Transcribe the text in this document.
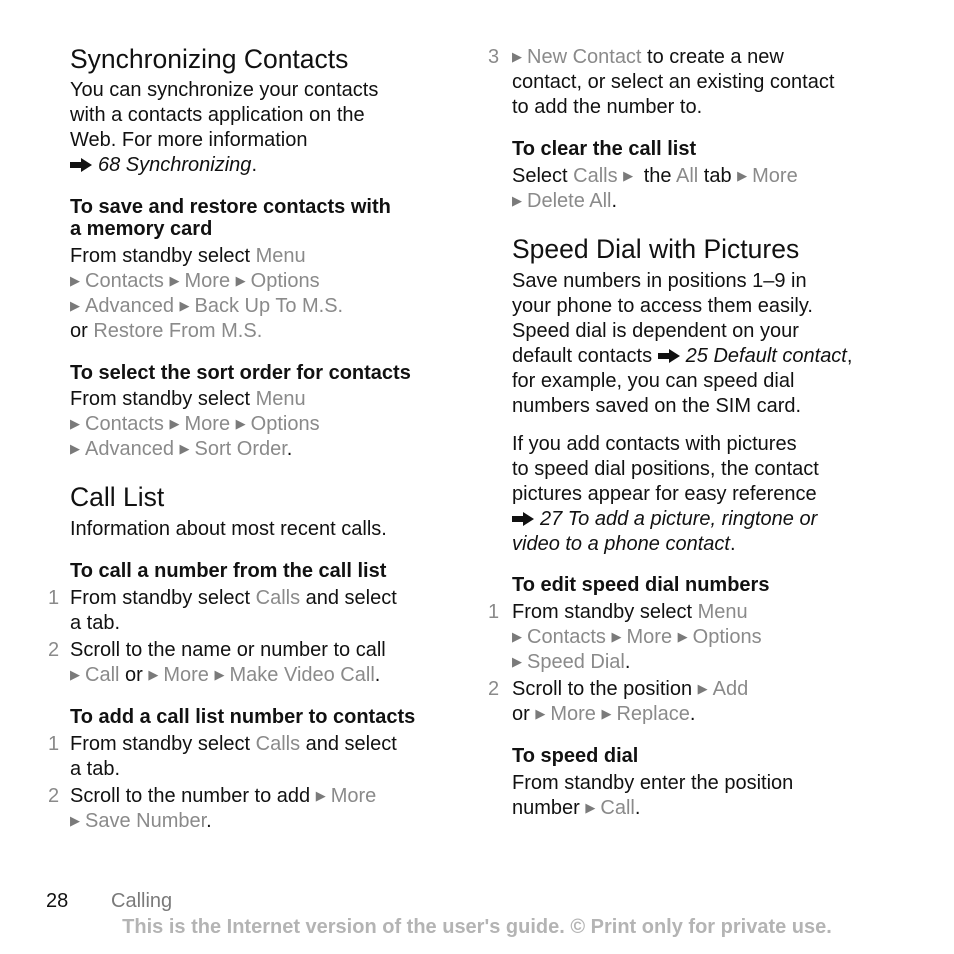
Synchronizing Contacts
You can synchronize your contacts
with a contacts application on the
Web. For more information
68 Synchronizing.
To save and restore contacts with
a memory card
From standby select Menu
▶ Contacts ▶ More ▶ Options
▶ Advanced ▶ Back Up To M.S.
or Restore From M.S.
To select the sort order for contacts
From standby select Menu
▶ Contacts ▶ More ▶ Options
▶ Advanced ▶ Sort Order.
Call List
Information about most recent calls.
To call a number from the call list
1 From standby select Calls and select
a tab.
2 Scroll to the name or number to call
▶ Call or ▶ More ▶ Make Video Call.
To add a call list number to contacts
1 From standby select Calls and select
a tab.
2 Scroll to the number to add ▶ More
▶ Save Number.
3 ▶ New Contact to create a new
contact, or select an existing contact
to add the number to.
To clear the call list
Select Calls ▶ the All tab ▶ More
▶ Delete All.
Speed Dial with Pictures
Save numbers in positions 1–9 in
your phone to access them easily.
Speed dial is dependent on your
default contacts 25 Default contact,
for example, you can speed dial
numbers saved on the SIM card.
If you add contacts with pictures
to speed dial positions, the contact
pictures appear for easy reference
27 To add a picture, ringtone or
video to a phone contact.
To edit speed dial numbers
1 From standby select Menu
▶ Contacts ▶ More ▶ Options
▶ Speed Dial.
2 Scroll to the position ▶ Add
or ▶ More ▶ Replace.
To speed dial
From standby enter the position
number ▶ Call.
28 Calling
This is the Internet version of the user's guide. © Print only for private use.
